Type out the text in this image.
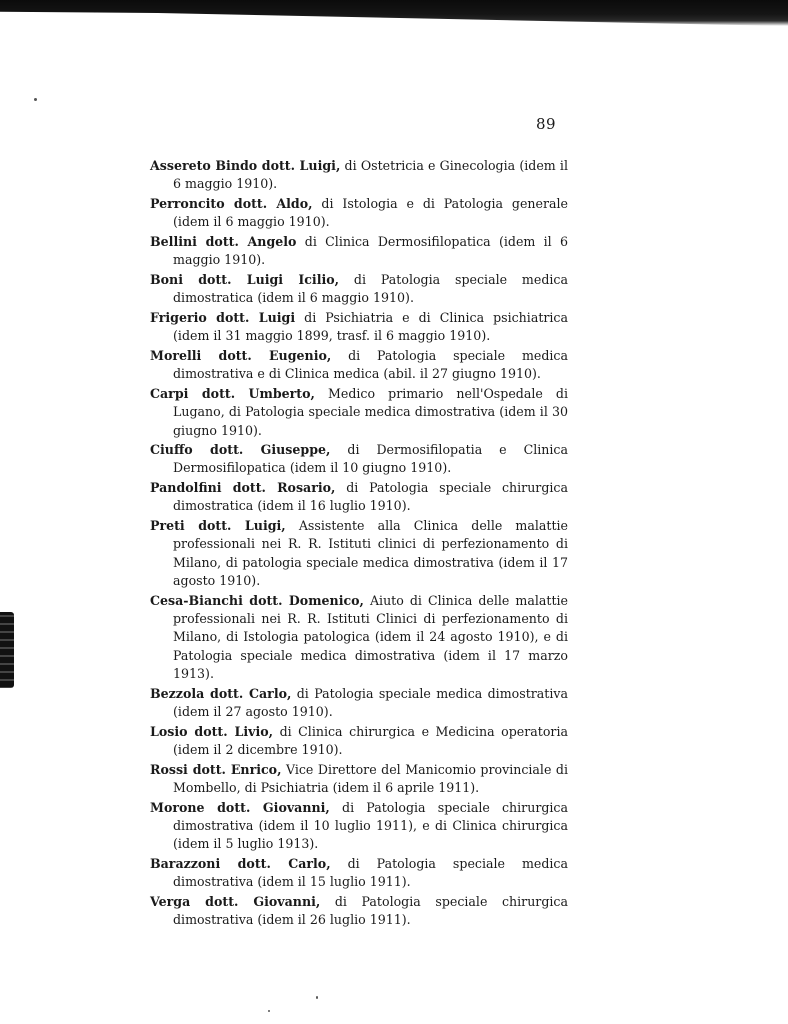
89

Assereto Bindo dott. Luigi, di Ostetricia e Ginecologia (idem il 6 maggio 1910).

Perroncito dott. Aldo, di Istologia e di Patologia generale (idem il 6 maggio 1910).

Bellini dott. Angelo di Clinica Dermosifilopatica (idem il 6 maggio 1910).

Boni dott. Luigi Icilio, di Patologia speciale medica dimostratica (idem il 6 maggio 1910).

Frigerio dott. Luigi di Psichiatria e di Clinica psichiatrica (idem il 31 maggio 1899, trasf. il 6 maggio 1910).

Morelli dott. Eugenio, di Patologia speciale medica dimostrativa e di Clinica medica (abil. il 27 giugno 1910).

Carpi dott. Umberto, Medico primario nell'Ospedale di Lugano, di Patologia speciale medica dimostrativa (idem il 30 giugno 1910).

Ciuffo dott. Giuseppe, di Dermosifilopatia e Clinica Dermosifilopatica (idem il 10 giugno 1910).

Pandolfini dott. Rosario, di Patologia speciale chirurgica dimostratica (idem il 16 luglio 1910).

Preti dott. Luigi, Assistente alla Clinica delle malattie professionali nei R. R. Istituti clinici di perfezionamento di Milano, di patologia speciale medica dimostrativa (idem il 17 agosto 1910).

Cesa-Bianchi dott. Domenico, Aiuto di Clinica delle malattie professionali nei R. R. Istituti Clinici di perfezionamento di Milano, di Istologia patologica (idem il 24 agosto 1910), e di Patologia speciale medica dimostrativa (idem il 17 marzo 1913).

Bezzola dott. Carlo, di Patologia speciale medica dimostrativa (idem il 27 agosto 1910).

Losio dott. Livio, di Clinica chirurgica e Medicina operatoria (idem il 2 dicembre 1910).

Rossi dott. Enrico, Vice Direttore del Manicomio provinciale di Mombello, di Psichiatria (idem il 6 aprile 1911).

Morone dott. Giovanni, di Patologia speciale chirurgica dimostrativa (idem il 10 luglio 1911), e di Clinica chirurgica (idem il 5 luglio 1913).

Barazzoni dott. Carlo, di Patologia speciale medica dimostrativa (idem il 15 luglio 1911).

Verga dott. Giovanni, di Patologia speciale chirurgica dimostrativa (idem il 26 luglio 1911).
